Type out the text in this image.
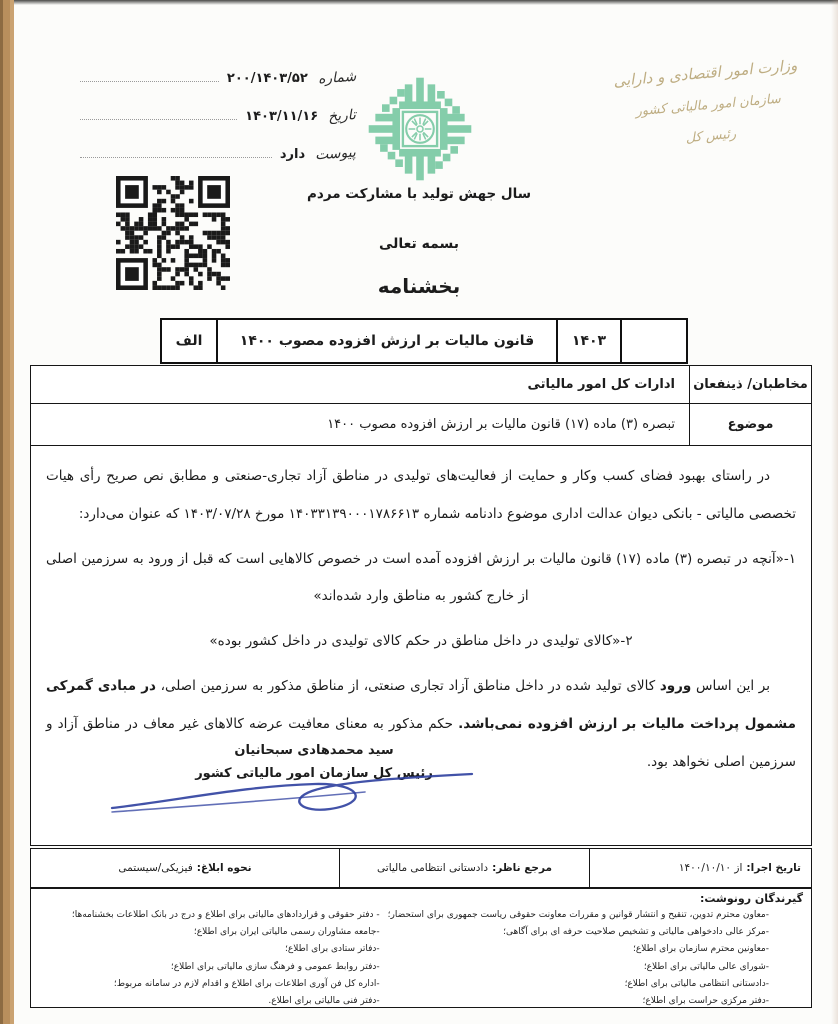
شماره
۲۰۰/۱۴۰۳/۵۲
تاریخ
۱۴۰۳/۱۱/۱۶
پیوست
دارد
وزارت امور اقتصادی و دارایی
سازمان امور مالیاتی کشور
رئیس کل
سال جهش تولید با مشارکت مردم
بسمه تعالی
بخشنامه
۱۴۰۳
قانون مالیات بر ارزش افزوده مصوب ۱۴۰۰
الف
مخاطبان/ ذینفعان
ادارات کل امور مالیاتی
موضوع
تبصره (۳) ماده (۱۷) قانون مالیات بر ارزش افزوده مصوب ۱۴۰۰

در راستای بهبود فضای کسب وکار و حمایت از فعالیت‌های تولیدی در مناطق آزاد تجاری-صنعتی و مطابق نص صریح رأی هیات تخصصی مالیاتی - بانکی دیوان عدالت اداری موضوع دادنامه شماره ۱۴۰۳۳۱۳۹۰۰۰۱۷۸۶۶۱۳ مورخ ۱۴۰۳/۰۷/۲۸ که عنوان می‌دارد:

۱-«آنچه در تبصره (۳) ماده (۱۷) قانون مالیات بر ارزش افزوده آمده است در خصوص کالاهایی است که قبل از ورود به سرزمین اصلی از خارج کشور به مناطق وارد شده‌اند»

۲-«کالای تولیدی در داخل مناطق در حکم کالای تولیدی در داخل کشور بوده»

بر این اساس ورود کالای تولید شده در داخل مناطق آزاد تجاری صنعتی، از مناطق مذکور به سرزمین اصلی، در مبادی گمرکی مشمول پرداخت مالیات بر ارزش افزوده نمی‌باشد. حکم مذکور به معنای معافیت عرضه کالاهای غیر معاف در مناطق آزاد و سرزمین اصلی نخواهد بود.

سید محمدهادی سبحانیان
رئیس کل سازمان امور مالیاتی کشور
تاریخ اجرا:
از ۱۴۰۰/۱۰/۱۰
مرجع ناظر:
دادستانی انتظامی مالیاتی
نحوه ابلاغ:
فیزیکی/سیستمی
گیرندگان رونوشت:
-معاون محترم تدوین، تنقیح و انتشار قوانین و مقررات معاونت حقوقی ریاست جمهوری برای استحضار؛
-مرکز عالی دادخواهی مالیاتی و تشخیص صلاحیت حرفه ای برای آگاهی؛
-معاونین محترم سازمان برای اطلاع؛
-شورای عالی مالیاتی برای اطلاع؛
-دادستانی انتظامی مالیاتی برای اطلاع؛
-دفتر مرکزی حراست برای اطلاع؛
- دفتر حقوقی و قراردادهای مالیاتی برای اطلاع و درج در بانک اطلاعات بخشنامه‌ها؛
-جامعه مشاوران رسمی مالیاتی ایران برای اطلاع؛
-دفاتر ستادی برای اطلاع؛
-دفتر روابط عمومی و فرهنگ سازی مالیاتی برای اطلاع؛
-اداره کل فن آوری اطلاعات برای اطلاع و اقدام لازم در سامانه مربوط؛
-دفتر فنی مالیاتی برای اطلاع.
